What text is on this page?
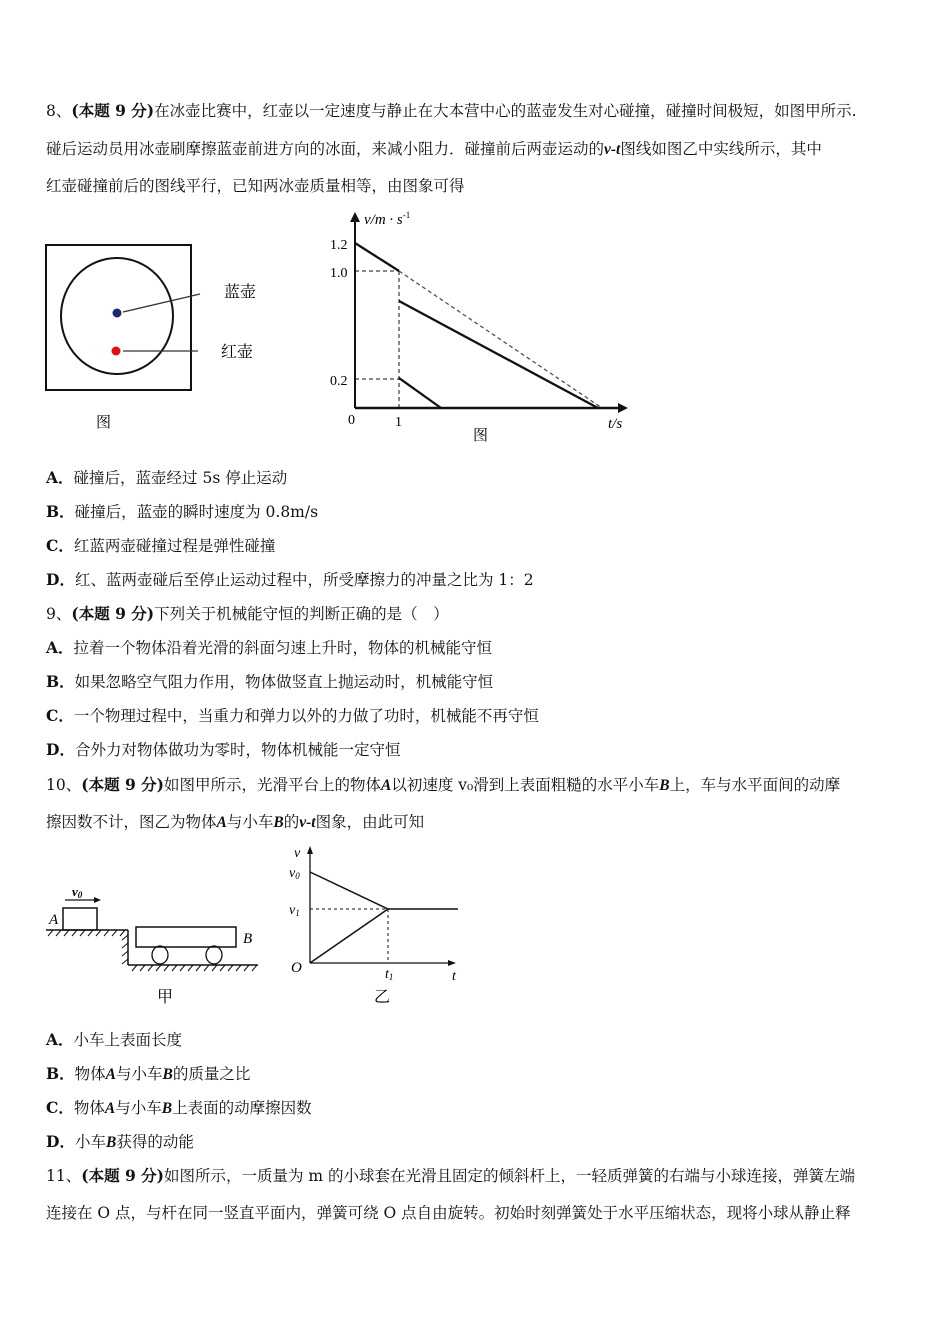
8、(本题 9 分)在冰壶比赛中，红壶以一定速度与静止在大本营中心的蓝壶发生对心碰撞，碰撞时间极短，如图甲所示.
碰后运动员用冰壶刷摩擦蓝壶前进方向的冰面，来减小阻力．碰撞前后两壶运动的v-t图线如图乙中实线所示，其中
红壶碰撞前后的图线平行，已知两冰壶质量相等，由图象可得
蓝壶
红壶
图
$v/m \cdot s^{-1}$
1.2
1.0
0.2
0	1	t/s
图
v0
A
B
甲
v
v0
v1
O	t1	t
乙
A．碰撞后，蓝壶经过 5s 停止运动
B．碰撞后，蓝壶的瞬时速度为 0.8m/s
C．红蓝两壶碰撞过程是弹性碰撞
D．红、蓝两壶碰后至停止运动过程中，所受摩擦力的冲量之比为 1：2
9、(本题 9 分)下列关于机械能守恒的判断正确的是（　）
A．拉着一个物体沿着光滑的斜面匀速上升时，物体的机械能守恒
B．如果忽略空气阻力作用，物体做竖直上抛运动时，机械能守恒
C．一个物理过程中，当重力和弹力以外的力做了功时，机械能不再守恒
D．合外力对物体做功为零时，物体机械能一定守恒
10、(本题 9 分)如图甲所示，光滑平台上的物体A以初速度 v₀滑到上表面粗糙的水平小车B上，车与水平面间的动摩
擦因数不计，图乙为物体A与小车B的v-t图象，由此可知
A．小车上表面长度
B．物体A与小车B的质量之比
C．物体A与小车B上表面的动摩擦因数
D．小车B获得的动能
11、(本题 9 分)如图所示，一质量为 m 的小球套在光滑且固定的倾斜杆上，一轻质弹簧的右端与小球连接，弹簧左端
连接在 O 点，与杆在同一竖直平面内，弹簧可绕 O 点自由旋转。初始时刻弹簧处于水平压缩状态，现将小球从静止释
